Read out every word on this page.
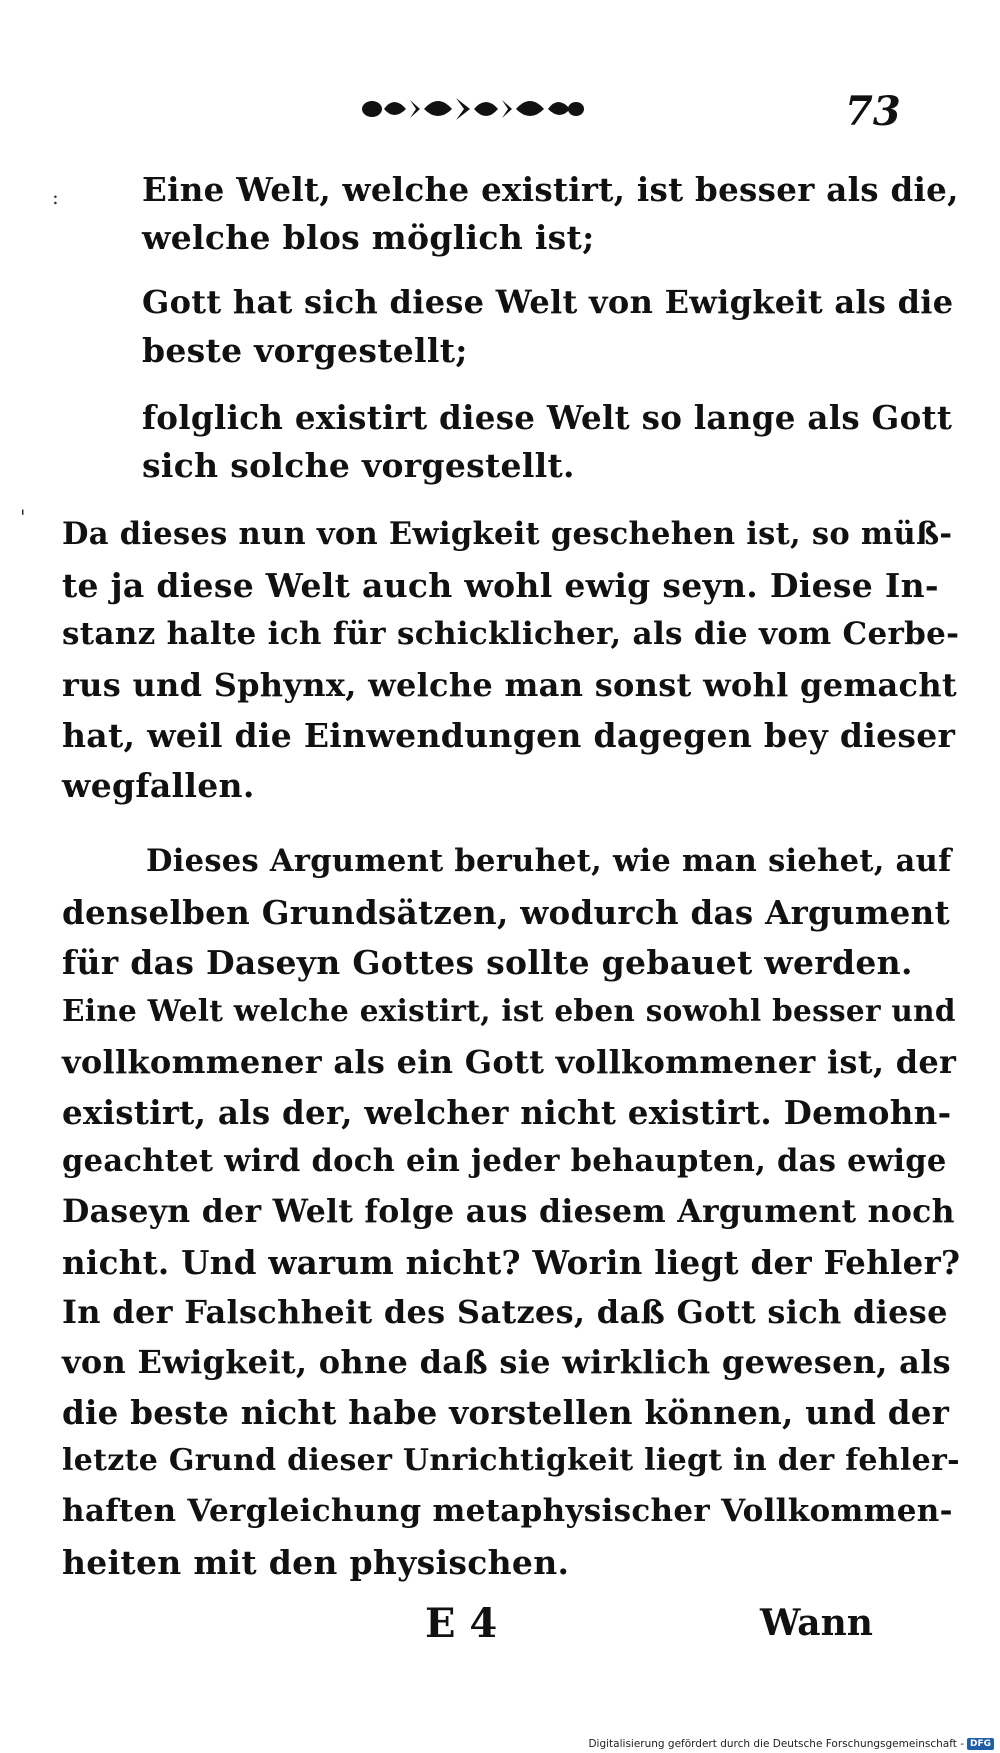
73
:
'
Eine Welt, welche existirt, ist besser als die,
welche blos möglich ist;
Gott hat sich diese Welt von Ewigkeit als die
beste vorgestellt;
folglich existirt diese Welt so lange als Gott
sich solche vorgestellt.
Da dieses nun von Ewigkeit geschehen ist, so müß-
te ja diese Welt auch wohl ewig seyn. Diese In-
stanz halte ich für schicklicher, als die vom Cerbe-
rus und Sphynx, welche man sonst wohl gemacht
hat, weil die Einwendungen dagegen bey dieser
wegfallen.
Dieses Argument beruhet, wie man siehet, auf
denselben Grundsätzen, wodurch das Argument
für das Daseyn Gottes sollte gebauet werden.
Eine Welt welche existirt, ist eben sowohl besser und
vollkommener als ein Gott vollkommener ist, der
existirt, als der, welcher nicht existirt. Demohn-
geachtet wird doch ein jeder behaupten, das ewige
Daseyn der Welt folge aus diesem Argument noch
nicht. Und warum nicht? Worin liegt der Fehler?
In der Falschheit des Satzes, daß Gott sich diese
von Ewigkeit, ohne daß sie wirklich gewesen, als
die beste nicht habe vorstellen können, und der
letzte Grund dieser Unrichtigkeit liegt in der fehler-
haften Vergleichung metaphysischer Vollkommen-
heiten mit den physischen.
E 4	Wann
Digitalisierung gefördert durch die Deutsche Forschungsgemeinschaft - DFG
